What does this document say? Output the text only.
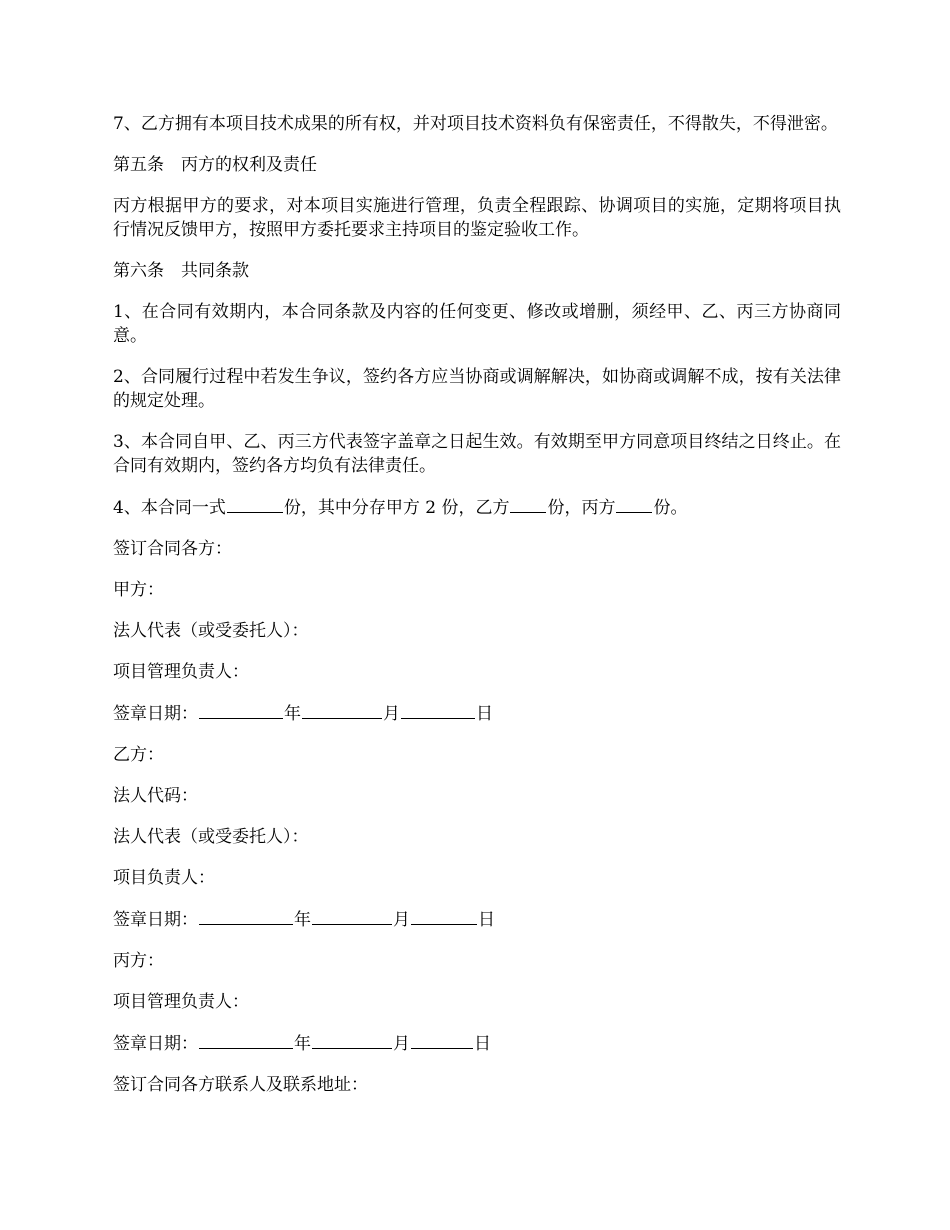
7、乙方拥有本项目技术成果的所有权，并对项目技术资料负有保密责任，不得散失，不得泄密。

第五条　丙方的权利及责任

丙方根据甲方的要求，对本项目实施进行管理，负责全程跟踪、协调项目的实施，定期将项目执行情况反馈甲方，按照甲方委托要求主持项目的鉴定验收工作。

第六条　共同条款

1、在合同有效期内，本合同条款及内容的任何变更、修改或增删，须经甲、乙、丙三方协商同意。

2、合同履行过程中若发生争议，签约各方应当协商或调解解决，如协商或调解不成，按有关法律的规定处理。

3、本合同自甲、乙、丙三方代表签字盖章之日起生效。有效期至甲方同意项目终结之日终止。在合同有效期内，签约各方均负有法律责任。

4、本合同一式	份，其中分存甲方 2 份，乙方 份，丙方 份。

签订合同各方：

甲方：

法人代表（或受委托人）：

项目管理负责人：

签章日期：	年	月	日

乙方：

法人代码：

法人代表（或受委托人）：

项目负责人：

签章日期：	年	月	日

丙方：

项目管理负责人：

签章日期：	年	月	日

签订合同各方联系人及联系地址：
